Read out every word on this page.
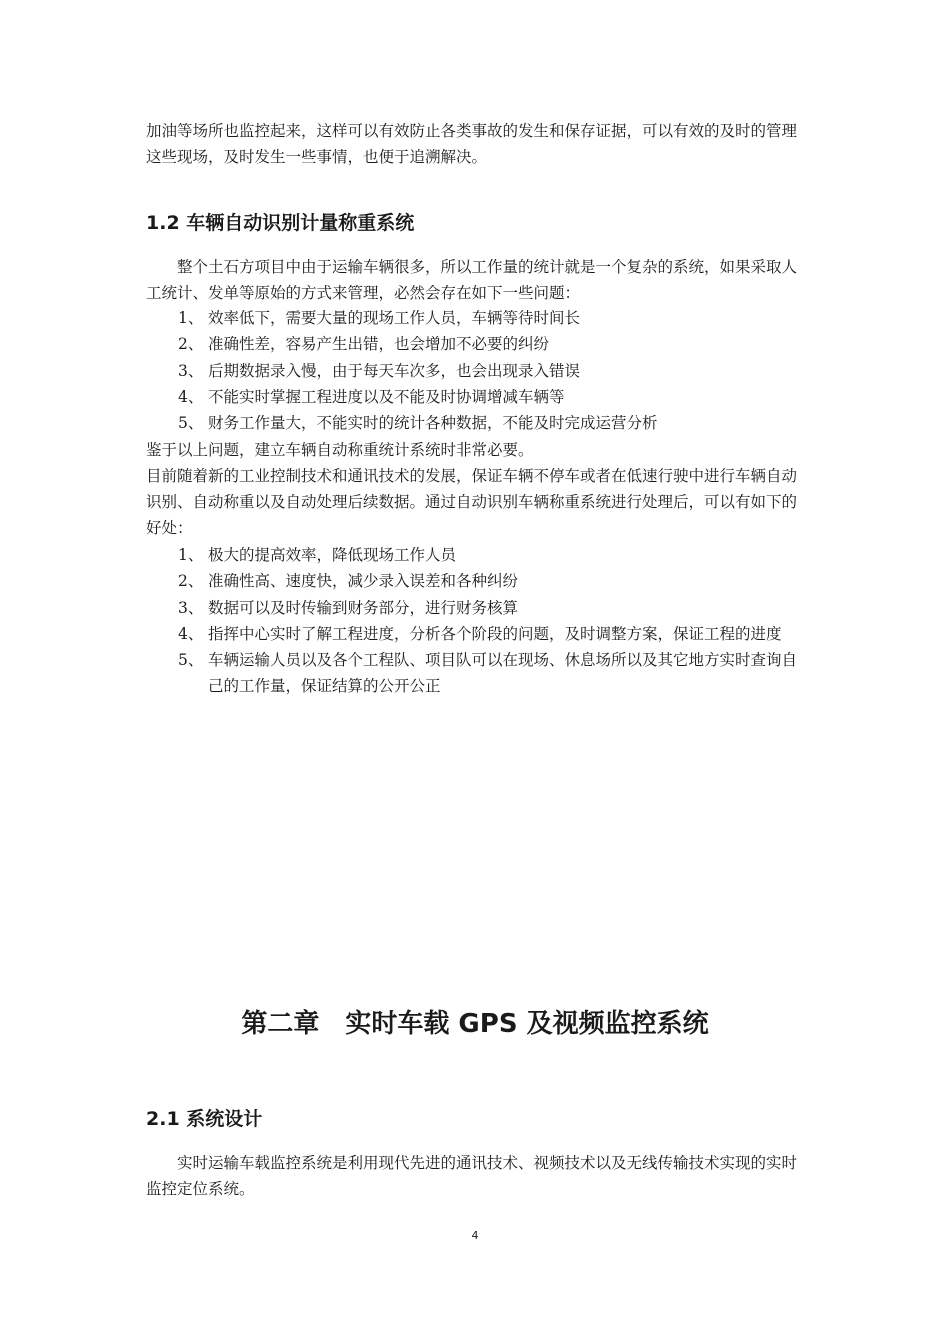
加油等场所也监控起来，这样可以有效防止各类事故的发生和保存证据，可以有效的及时的管理这些现场，及时发生一些事情，也便于追溯解决。

1.2 车辆自动识别计量称重系统

整个土石方项目中由于运输车辆很多，所以工作量的统计就是一个复杂的系统，如果采取人工统计、发单等原始的方式来管理，必然会存在如下一些问题：

1、 效率低下，需要大量的现场工作人员，车辆等待时间长
2、 准确性差，容易产生出错，也会增加不必要的纠纷
3、 后期数据录入慢，由于每天车次多，也会出现录入错误
4、 不能实时掌握工程进度以及不能及时协调增减车辆等
5、 财务工作量大，不能实时的统计各种数据，不能及时完成运营分析

鉴于以上问题，建立车辆自动称重统计系统时非常必要。

目前随着新的工业控制技术和通讯技术的发展，保证车辆不停车或者在低速行驶中进行车辆自动识别、自动称重以及自动处理后续数据。通过自动识别车辆称重系统进行处理后，可以有如下的好处：

1、 极大的提高效率，降低现场工作人员
2、 准确性高、速度快，减少录入误差和各种纠纷
3、 数据可以及时传输到财务部分，进行财务核算
4、 指挥中心实时了解工程进度，分析各个阶段的问题，及时调整方案，保证工程的进度
5、 车辆运输人员以及各个工程队、项目队可以在现场、休息场所以及其它地方实时查询自己的工作量，保证结算的公开公正
第二章　实时车载 GPS 及视频监控系统
2.1 系统设计

实时运输车载监控系统是利用现代先进的通讯技术、视频技术以及无线传输技术实现的实时监控定位系统。

4
